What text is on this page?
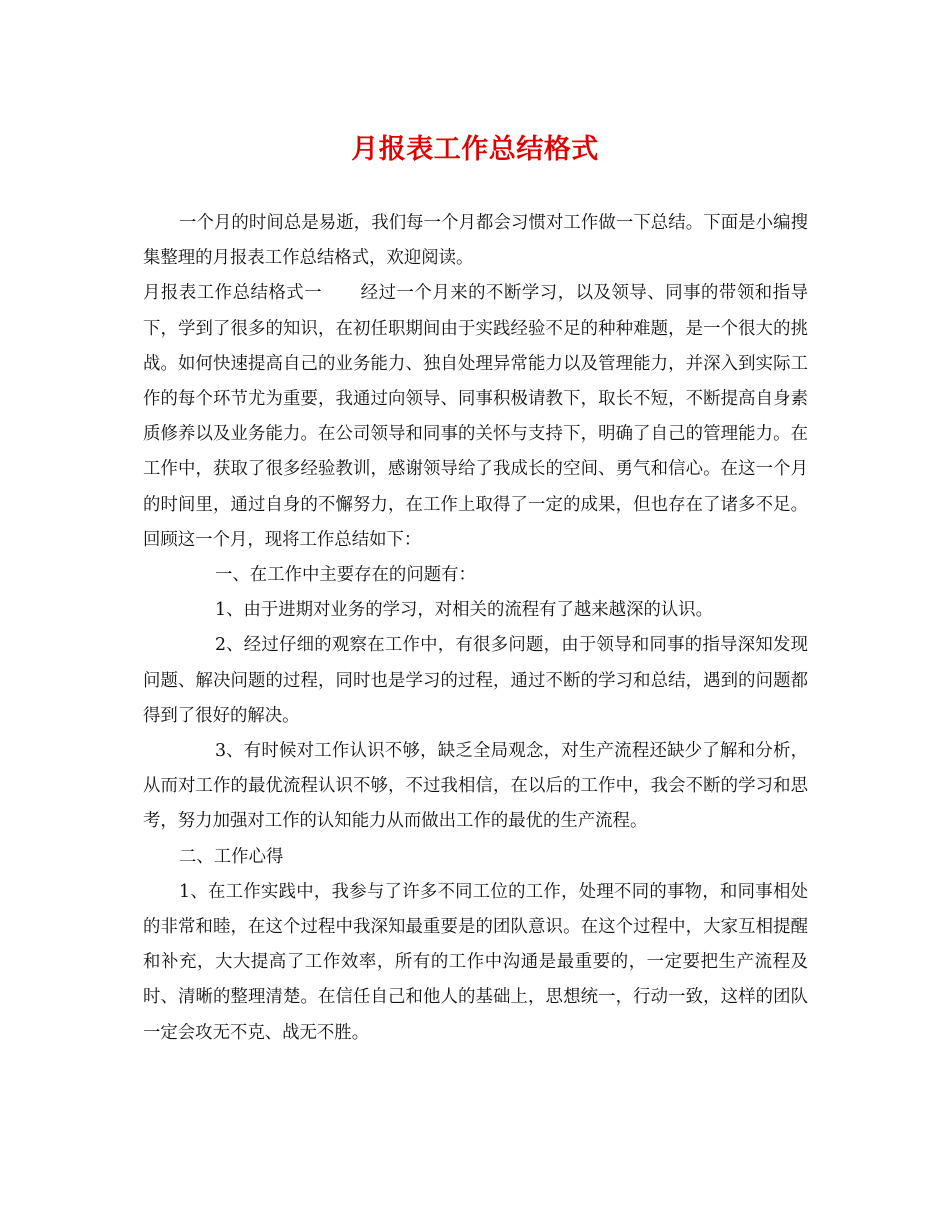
月报表工作总结格式

一个月的时间总是易逝，我们每一个月都会习惯对工作做一下总结。下面是小编搜集整理的月报表工作总结格式，欢迎阅读。

月报表工作总结格式一 经过一个月来的不断学习，以及领导、同事的带领和指导下，学到了很多的知识，在初任职期间由于实践经验不足的种种难题，是一个很大的挑战。如何快速提高自己的业务能力、独自处理异常能力以及管理能力，并深入到实际工作的每个环节尤为重要，我通过向领导、同事积极请教下，取长不短，不断提高自身素质修养以及业务能力。在公司领导和同事的关怀与支持下，明确了自己的管理能力。在工作中，获取了很多经验教训，感谢领导给了我成长的空间、勇气和信心。在这一个月的时间里，通过自身的不懈努力，在工作上取得了一定的成果，但也存在了诸多不足。回顾这一个月，现将工作总结如下：

一、在工作中主要存在的问题有：

1、由于进期对业务的学习，对相关的流程有了越来越深的认识。

2、经过仔细的观察在工作中，有很多问题，由于领导和同事的指导深知发现问题、解决问题的过程，同时也是学习的过程，通过不断的学习和总结，遇到的问题都得到了很好的解决。

3、有时候对工作认识不够，缺乏全局观念，对生产流程还缺少了解和分析，从而对工作的最优流程认识不够，不过我相信，在以后的工作中，我会不断的学习和思考，努力加强对工作的认知能力从而做出工作的最优的生产流程。

二、工作心得

1、在工作实践中，我参与了许多不同工位的工作，处理不同的事物，和同事相处的非常和睦，在这个过程中我深知最重要是的团队意识。在这个过程中，大家互相提醒和补充，大大提高了工作效率，所有的工作中沟通是最重要的，一定要把生产流程及时、清晰的整理清楚。在信任自己和他人的基础上，思想统一，行动一致，这样的团队一定会攻无不克、战无不胜。
